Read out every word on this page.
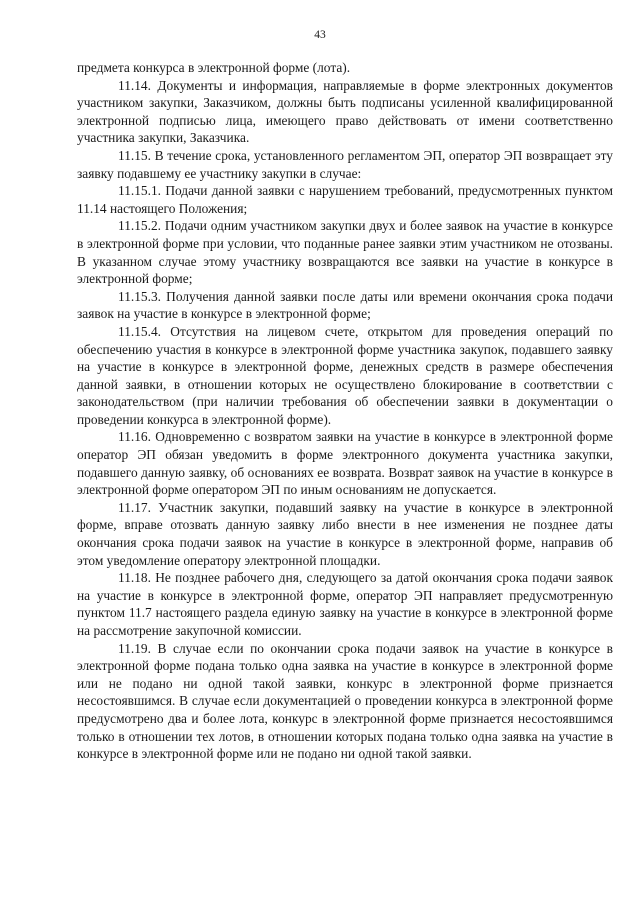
43

предмета конкурса в электронной форме (лота).

11.14. Документы и информация, направляемые в форме электронных документов участником закупки, Заказчиком, должны быть подписаны усиленной квалифицированной электронной подписью лица, имеющего право действовать от имени соответственно участника закупки, Заказчика.

11.15. В течение срока, установленного регламентом ЭП, оператор ЭП возвращает эту заявку подавшему ее участнику закупки в случае:

11.15.1. Подачи данной заявки с нарушением требований, предусмотренных пунктом 11.14 настоящего Положения;

11.15.2. Подачи одним участником закупки двух и более заявок на участие в конкурсе в электронной форме при условии, что поданные ранее заявки этим участником не отозваны. В указанном случае этому участнику возвращаются все заявки на участие в конкурсе в электронной форме;

11.15.3. Получения данной заявки после даты или времени окончания срока подачи заявок на участие в конкурсе в электронной форме;

11.15.4. Отсутствия на лицевом счете, открытом для проведения операций по обеспечению участия в конкурсе в электронной форме участника закупок, подавшего заявку на участие в конкурсе в электронной форме, денежных средств в размере обеспечения данной заявки, в отношении которых не осуществлено блокирование в соответствии с законодательством (при наличии требования об обеспечении заявки в документации о проведении конкурса в электронной форме).

11.16. Одновременно с возвратом заявки на участие в конкурсе в электронной форме оператор ЭП обязан уведомить в форме электронного документа участника закупки, подавшего данную заявку, об основаниях ее возврата. Возврат заявок на участие в конкурсе в электронной форме оператором ЭП по иным основаниям не допускается.

11.17. Участник закупки, подавший заявку на участие в конкурсе в электронной форме, вправе отозвать данную заявку либо внести в нее изменения не позднее даты окончания срока подачи заявок на участие в конкурсе в электронной форме, направив об этом уведомление оператору электронной площадки.

11.18. Не позднее рабочего дня, следующего за датой окончания срока подачи заявок на участие в конкурсе в электронной форме, оператор ЭП направляет предусмотренную пунктом 11.7 настоящего раздела единую заявку на участие в конкурсе в электронной форме на рассмотрение закупочной комиссии.

11.19. В случае если по окончании срока подачи заявок на участие в конкурсе в электронной форме подана только одна заявка на участие в конкурсе в электронной форме или не подано ни одной такой заявки, конкурс в электронной форме признается несостоявшимся. В случае если документацией о проведении конкурса в электронной форме предусмотрено два и более лота, конкурс в электронной форме признается несостоявшимся только в отношении тех лотов, в отношении которых подана только одна заявка на участие в конкурсе в электронной форме или не подано ни одной такой заявки.
